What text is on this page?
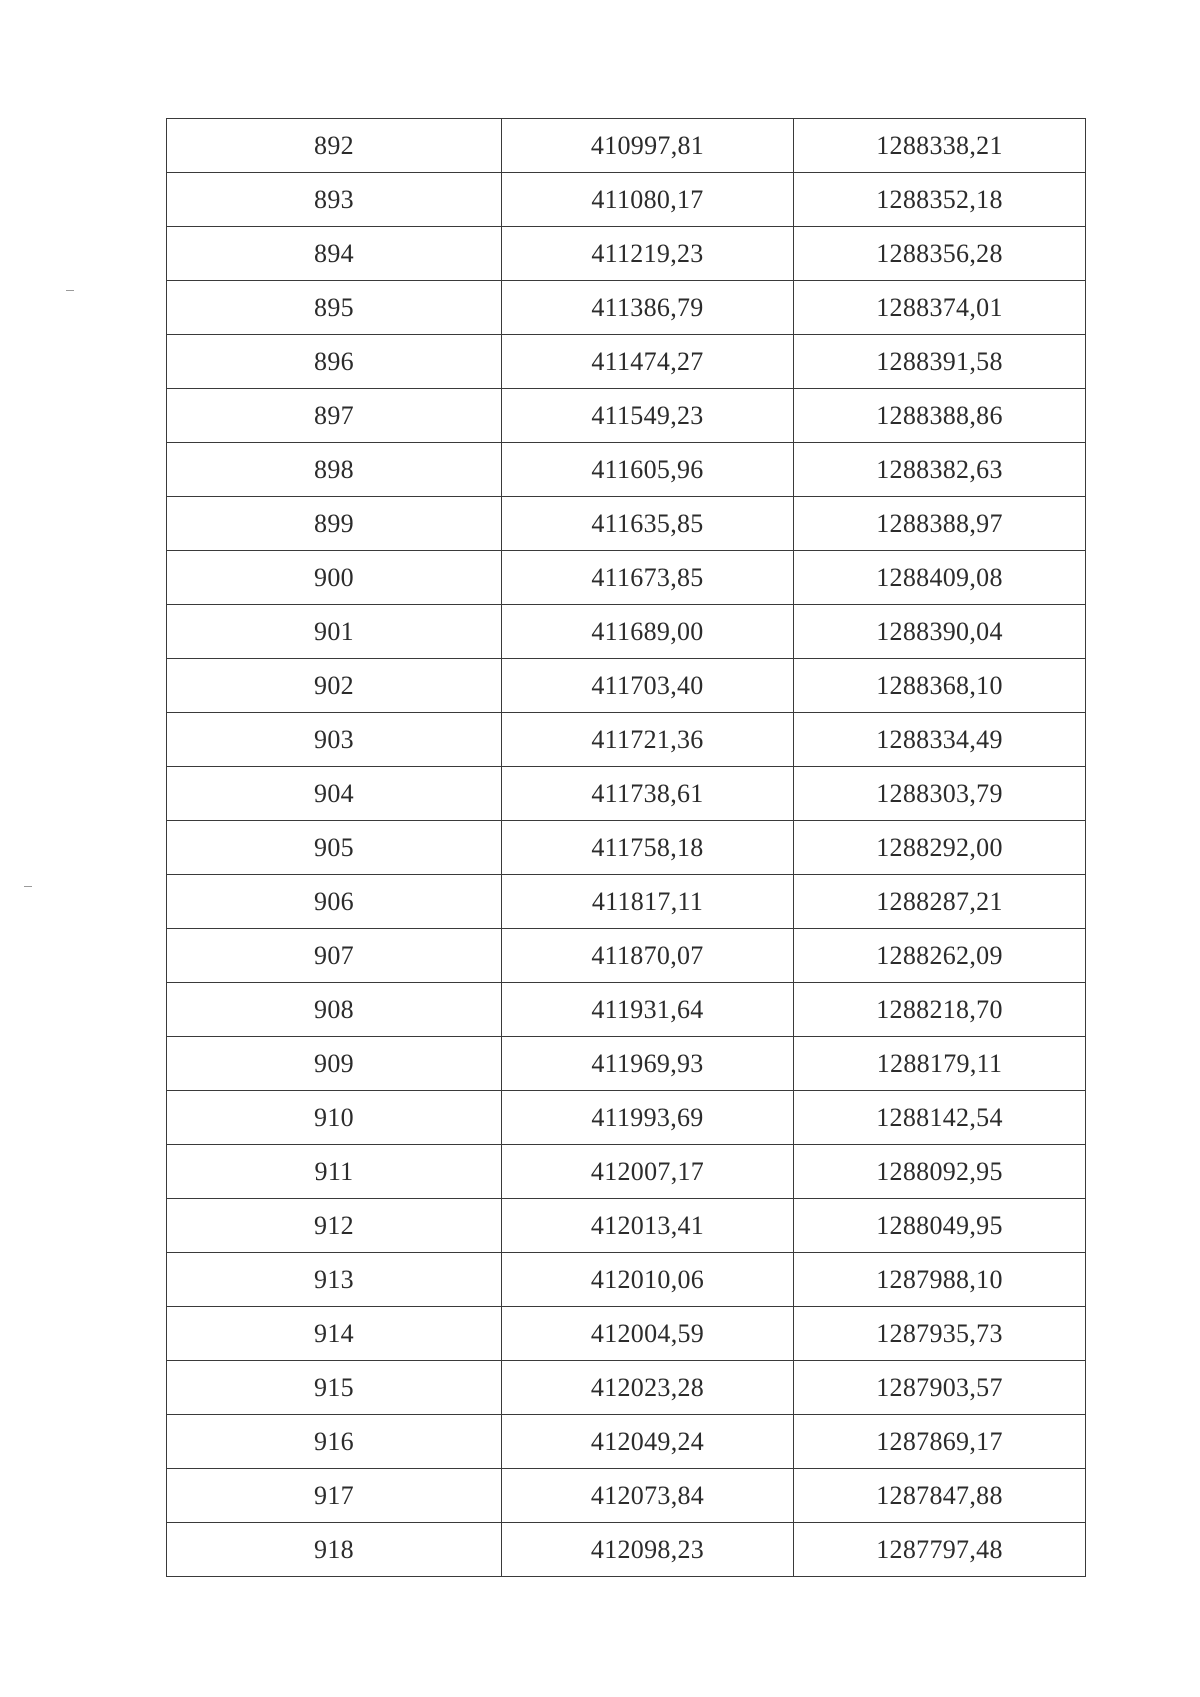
892	410997,81	1288338,21
893	411080,17	1288352,18
894	411219,23	1288356,28
895	411386,79	1288374,01
896	411474,27	1288391,58
897	411549,23	1288388,86
898	411605,96	1288382,63
899	411635,85	1288388,97
900	411673,85	1288409,08
901	411689,00	1288390,04
902	411703,40	1288368,10
903	411721,36	1288334,49
904	411738,61	1288303,79
905	411758,18	1288292,00
906	411817,11	1288287,21
907	411870,07	1288262,09
908	411931,64	1288218,70
909	411969,93	1288179,11
910	411993,69	1288142,54
911	412007,17	1288092,95
912	412013,41	1288049,95
913	412010,06	1287988,10
914	412004,59	1287935,73
915	412023,28	1287903,57
916	412049,24	1287869,17
917	412073,84	1287847,88
918	412098,23	1287797,48
